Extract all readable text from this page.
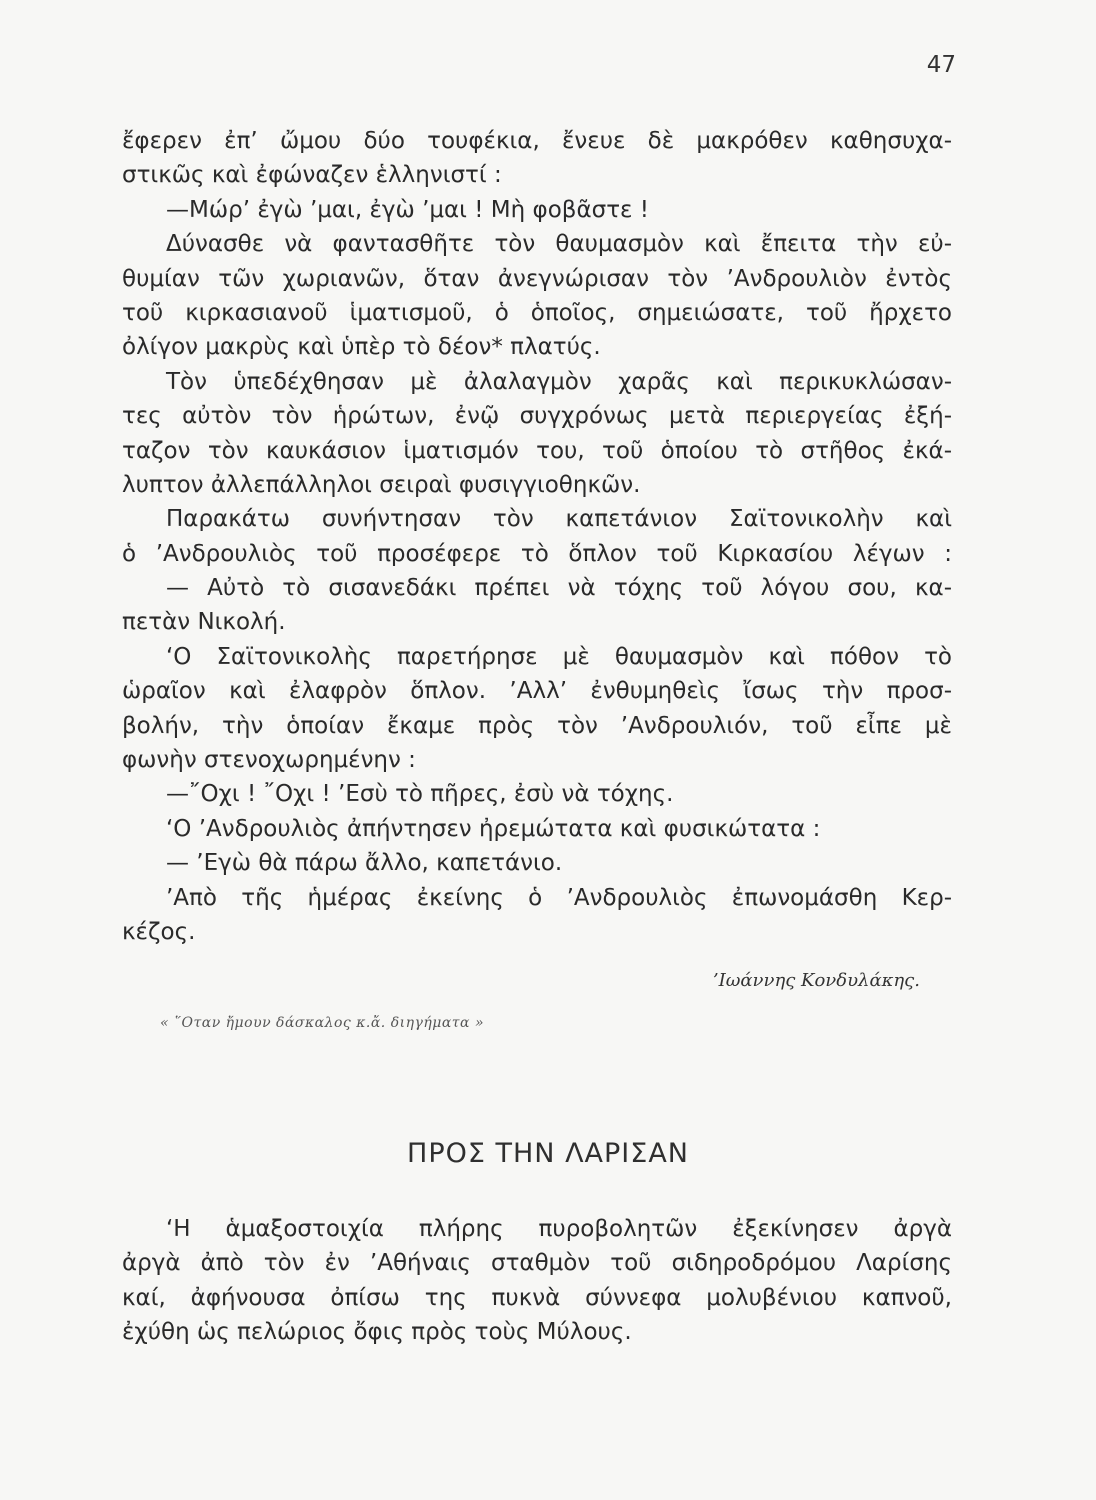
47
ἔφερεν ἐπ’ ὤμου δύο τουφέκια, ἔνευε δὲ μακρόθεν καθησυχα-
στικῶς καὶ ἐφώναζεν ἑλληνιστί :
—Μώρ’ ἐγὼ ’μαι, ἐγὼ ’μαι ! Μὴ φοβᾶστε !
Δύνασθε νὰ φαντασθῆτε τὸν θαυμασμὸν καὶ ἔπειτα τὴν εὐ-
θυμίαν τῶν χωριανῶν, ὅταν ἀνεγνώρισαν τὸν ’Ανδρουλιὸν ἐντὸς
τοῦ κιρκασιανοῦ ἱματισμοῦ, ὁ ὁποῖος, σημειώσατε, τοῦ ἤρχετο
ὀλίγον μακρὺς καὶ ὑπὲρ τὸ δέον* πλατύς.
Τὸν ὑπεδέχθησαν μὲ ἀλαλαγμὸν χαρᾶς καὶ περικυκλώσαν-
τες αὐτὸν τὸν ἡρώτων, ἐνῷ συγχρόνως μετὰ περιεργείας ἐξή-
ταζον τὸν καυκάσιον ἱματισμόν του, τοῦ ὁποίου τὸ στῆθος ἐκά-
λυπτον ἀλλεπάλληλοι σειραὶ φυσιγγιοθηκῶν.
Παρακάτω συνήντησαν τὸν καπετάνιον Σαϊτονικολὴν καὶ
ὁ ’Ανδρουλιὸς τοῦ προσέφερε τὸ ὅπλον τοῦ Κιρκασίου λέγων :
— Αὐτὸ τὸ σισανεδάκι πρέπει νὰ τόχης τοῦ λόγου σου, κα-
πετὰν Νικολή.
‘Ο Σαϊτονικολὴς παρετήρησε μὲ θαυμασμὸν καὶ πόθον τὸ
ὡραῖον καὶ ἐλαφρὸν ὅπλον. ’Αλλ’ ἐνθυμηθεὶς ἴσως τὴν προσ-
βολήν, τὴν ὁποίαν ἔκαμε πρὸς τὸν ’Ανδρουλιόν, τοῦ εἶπε μὲ
φωνὴν στενοχωρημένην :
—῎Οχι ! ῎Οχι ! ’Εσὺ τὸ πῆρες, ἐσὺ νὰ τόχης.
‘Ο ’Ανδρουλιὸς ἀπήντησεν ἠρεμώτατα καὶ φυσικώτατα :
— ’Εγὼ θὰ πάρω ἄλλο, καπετάνιο.
’Απὸ τῆς ἡμέρας ἐκείνης ὁ ’Ανδρουλιὸς ἐπωνομάσθη Κερ-
κέζος.
’Ιωάννης Κονδυλάκης.
« ῞Οταν ἤμουν δάσκαλος κ.ἄ. διηγήματα »
ΠΡΟΣ ΤΗΝ ΛΑΡΙΣΑΝ
‘Η ἁμαξοστοιχία πλήρης πυροβολητῶν ἐξεκίνησεν ἀργὰ
ἀργὰ ἀπὸ τὸν ἐν ’Αθήναις σταθμὸν τοῦ σιδηροδρόμου Λαρίσης
καί, ἀφήνουσα ὀπίσω της πυκνὰ σύννεφα μολυβένιου καπνοῦ,
ἐχύθη ὡς πελώριος ὄφις πρὸς τοὺς Μύλους.
